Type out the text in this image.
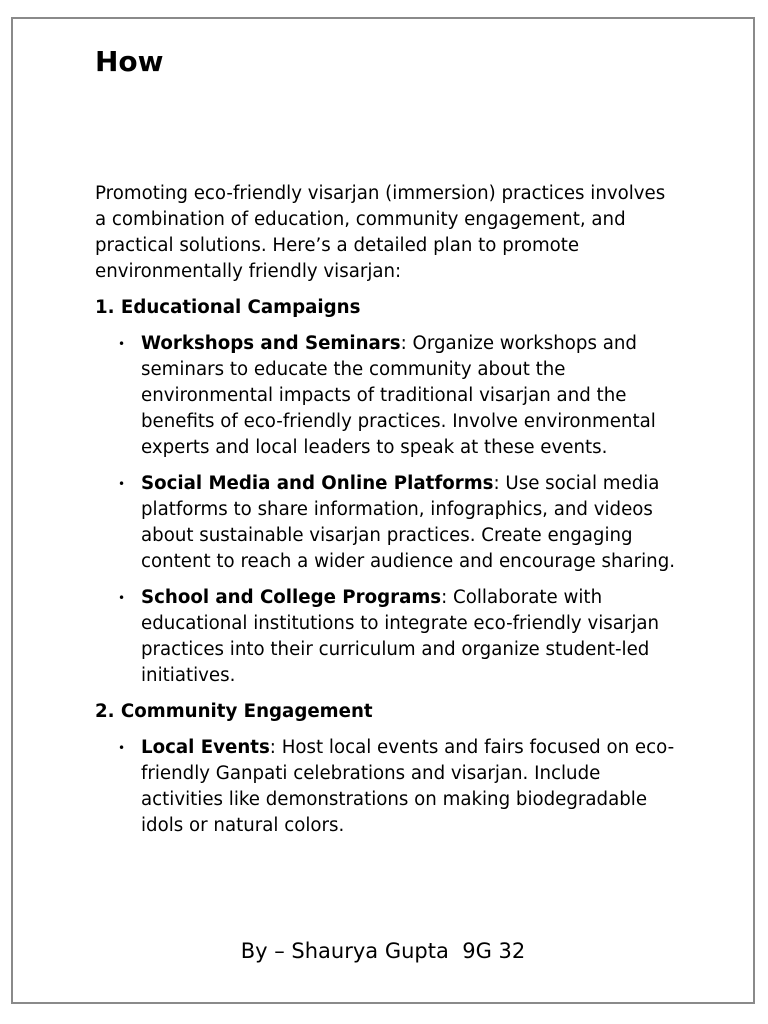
How

Promoting eco-friendly visarjan (immersion) practices involves a combination of education, community engagement, and practical solutions. Here’s a detailed plan to promote environmentally friendly visarjan:

1. Educational Campaigns

• Workshops and Seminars: Organize workshops and seminars to educate the community about the environmental impacts of traditional visarjan and the benefits of eco-friendly practices. Involve environmental experts and local leaders to speak at these events.
• Social Media and Online Platforms: Use social media platforms to share information, infographics, and videos about sustainable visarjan practices. Create engaging content to reach a wider audience and encourage sharing.
• School and College Programs: Collaborate with educational institutions to integrate eco-friendly visarjan practices into their curriculum and organize student-led initiatives.

2. Community Engagement

• Local Events: Host local events and fairs focused on eco-friendly Ganpati celebrations and visarjan. Include activities like demonstrations on making biodegradable idols or natural colors.

By – Shaurya Gupta  9G 32
